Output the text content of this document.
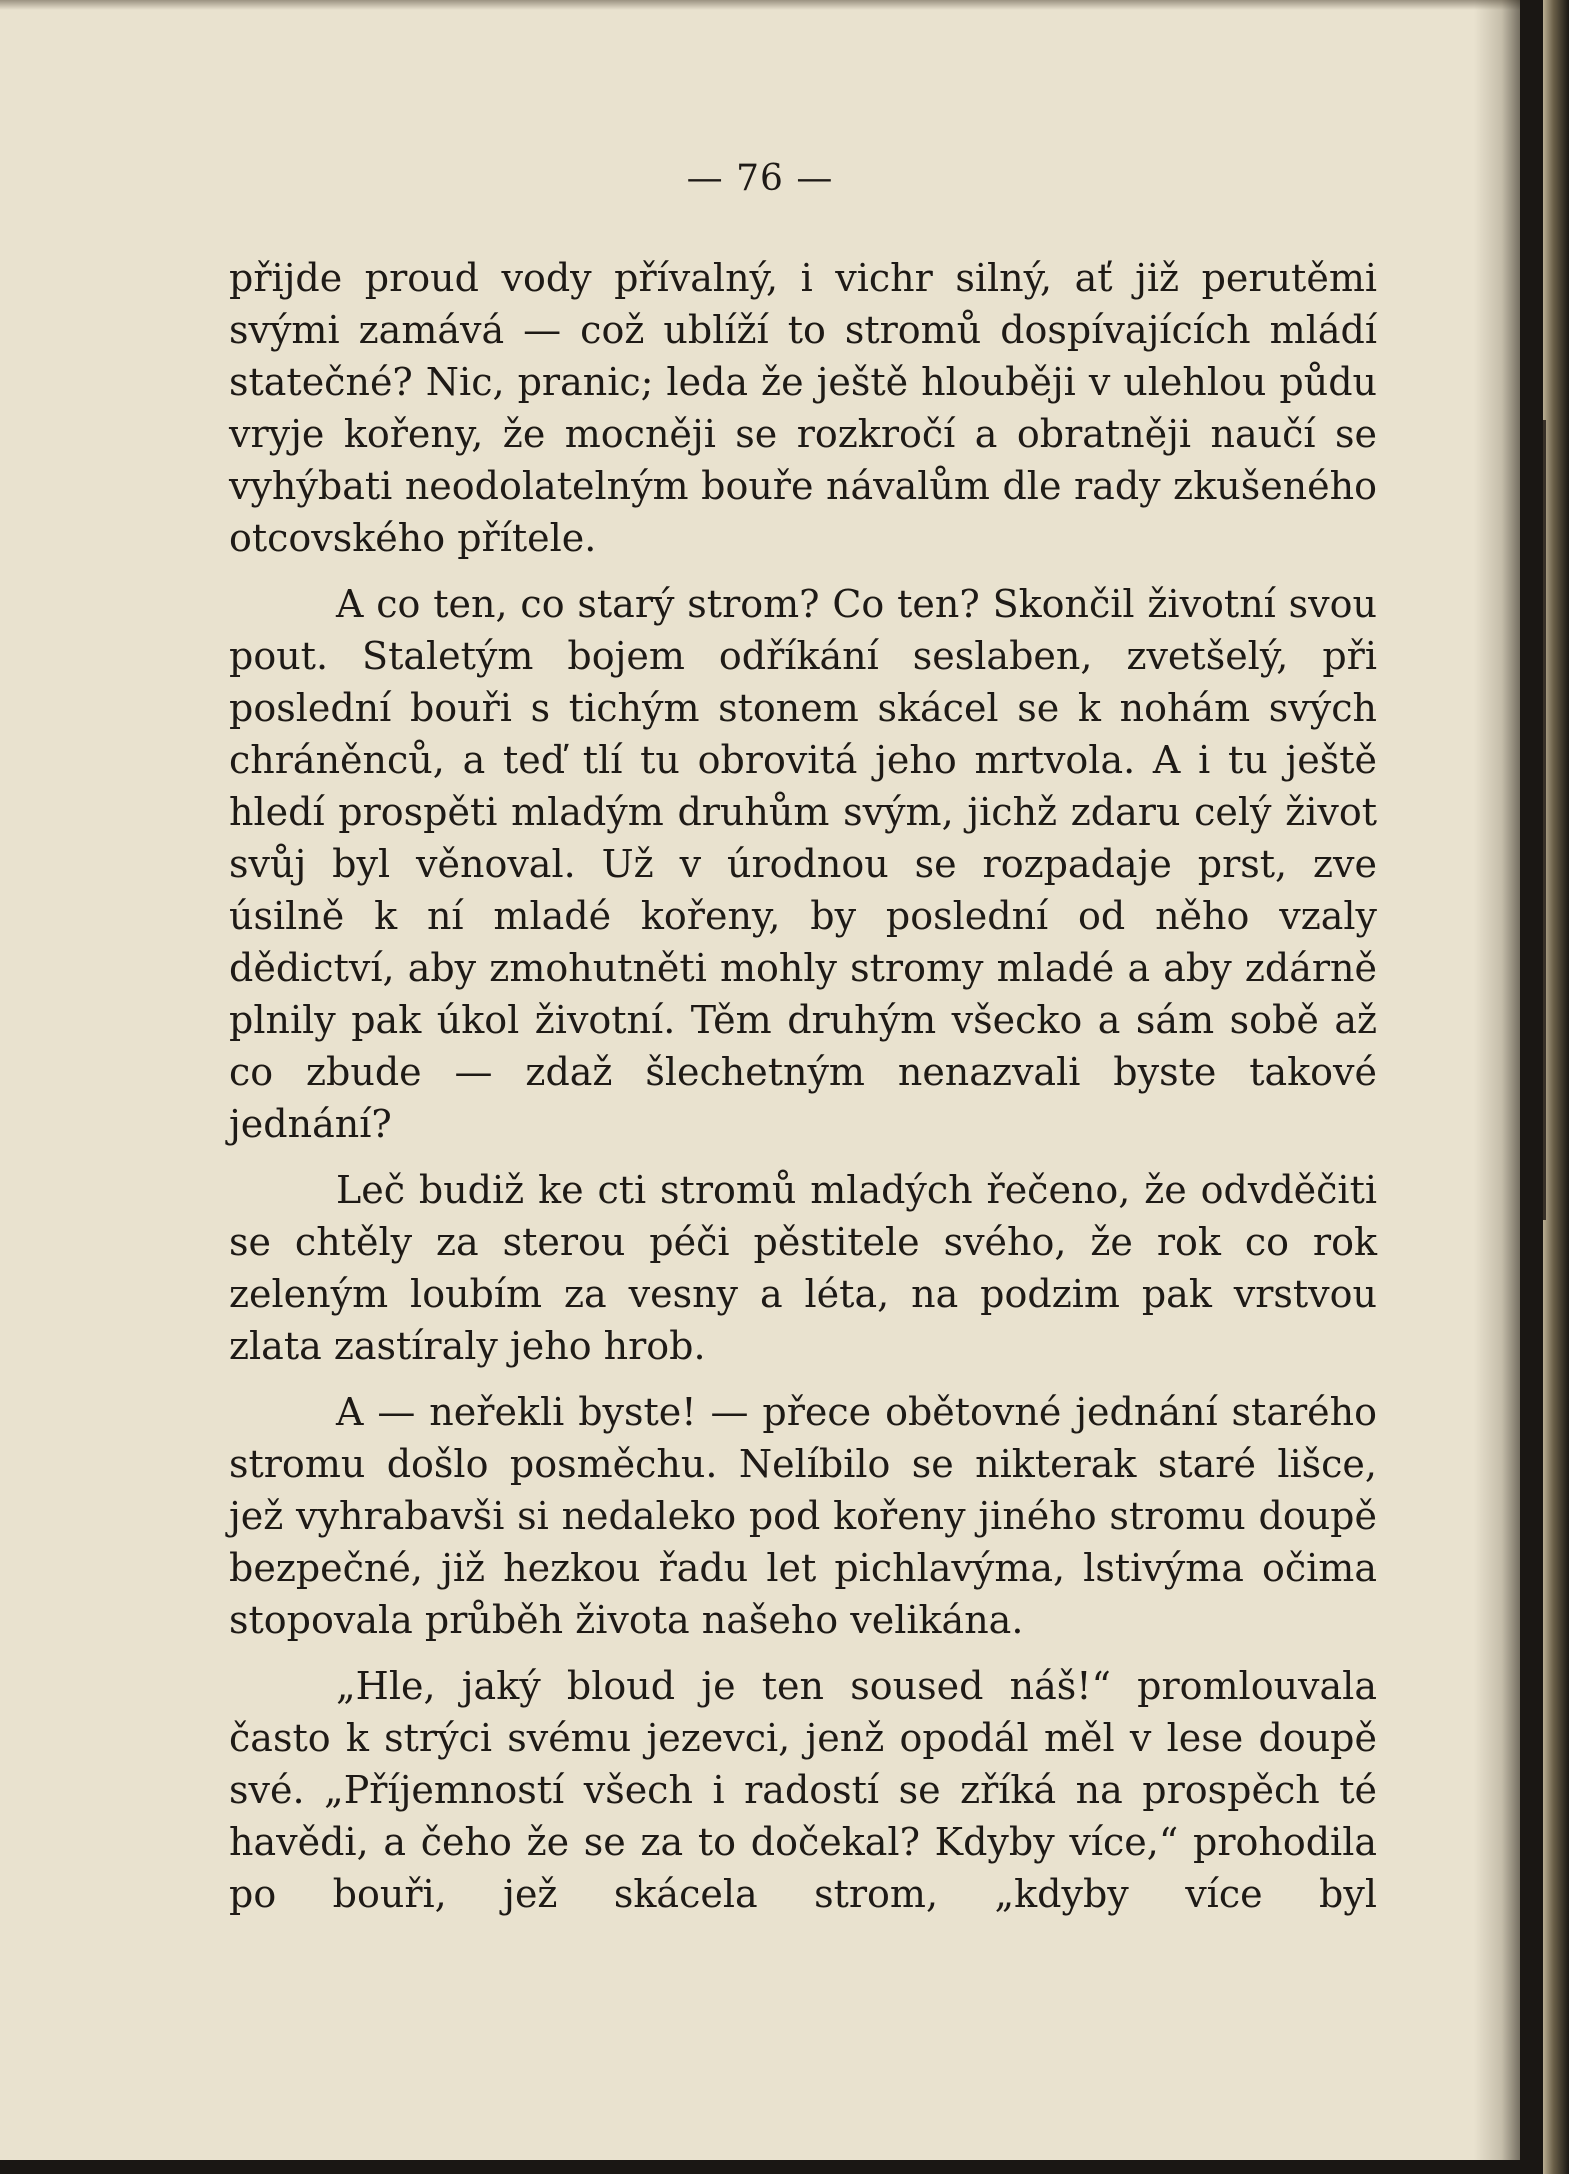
— 76 —

přijde proud vody přívalný, i vichr silný, ať již perutěmi svými zamává — což ublíží to stromů dospívajících mládí statečné? Nic, pranic; leda že ještě hlouběji v ulehlou půdu vryje kořeny, že mocněji se rozkročí a obratněji naučí se vyhýbati neodolatelným bouře návalům dle rady zkušeného otcovského přítele.

A co ten, co starý strom? Co ten? Skončil životní svou pout. Staletým bojem odříkání seslaben, zvetšelý, při poslední bouři s tichým stonem skácel se k nohám svých chráněnců, a teď tlí tu obrovitá jeho mrtvola. A i tu ještě hledí prospěti mladým druhům svým, jichž zdaru celý život svůj byl věnoval. Už v úrodnou se rozpadaje prst, zve úsilně k ní mladé kořeny, by poslední od něho vzaly dědictví, aby zmohutněti mohly stromy mladé a aby zdárně plnily pak úkol životní. Těm druhým všecko a sám sobě až co zbude — zdaž šlechetným nenazvali byste takové jednání?

Leč budiž ke cti stromů mladých řečeno, že odvděčiti se chtěly za sterou péči pěstitele svého, že rok co rok zeleným loubím za vesny a léta, na podzim pak vrstvou zlata zastíraly jeho hrob.

A — neřekli byste! — přece obětovné jednání starého stromu došlo posměchu. Nelíbilo se nikterak staré lišce, jež vyhrabavši si nedaleko pod kořeny jiného stromu doupě bezpečné, již hezkou řadu let pichlavýma, lstivýma očima stopovala průběh života našeho velikána.

„Hle, jaký bloud je ten soused náš!“ promlouvala často k strýci svému jezevci, jenž opodál měl v lese doupě své. „Příjemností všech i radostí se zříká na prospěch té havědi, a čeho že se za to dočekal? Kdyby více,“ prohodila po bouři, jež skácela strom, „kdyby více byl
